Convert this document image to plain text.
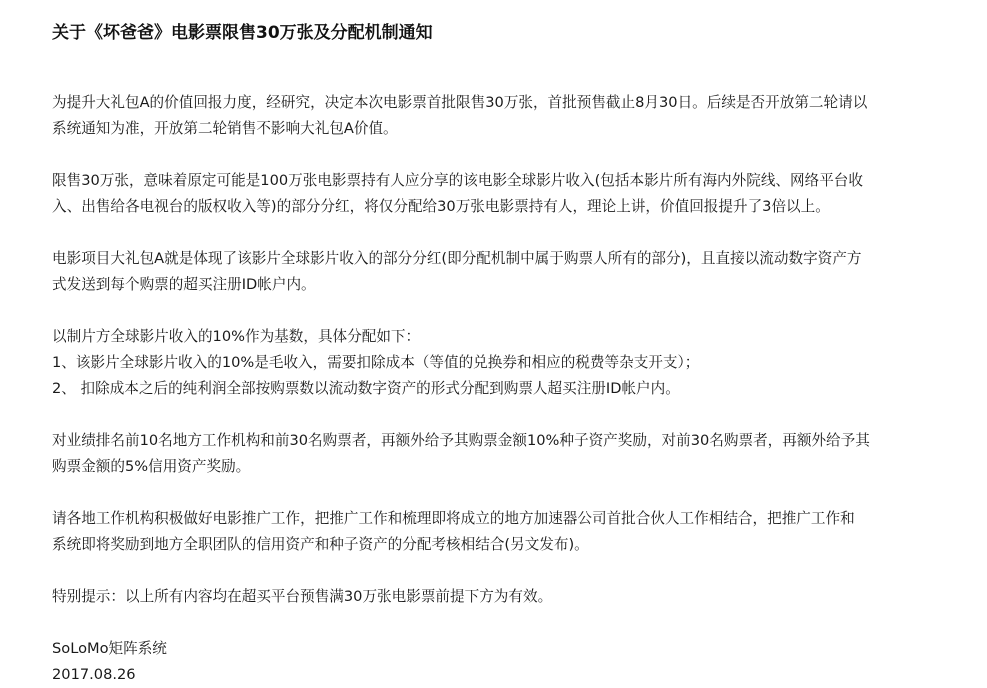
关于《坏爸爸》电影票限售30万张及分配机制通知
为提升大礼包A的价值回报力度，经研究，决定本次电影票首批限售30万张，首批预售截止8月30日。后续是否开放第二轮请以
系统通知为准，开放第二轮销售不影响大礼包A价值。
限售30万张，意味着原定可能是100万张电影票持有人应分享的该电影全球影片收入(包括本影片所有海内外院线、网络平台收
入、出售给各电视台的版权收入等)的部分分红，将仅分配给30万张电影票持有人，理论上讲，价值回报提升了3倍以上。
电影项目大礼包A就是体现了该影片全球影片收入的部分分红(即分配机制中属于购票人所有的部分)，且直接以流动数字资产方
式发送到每个购票的超买注册ID帐户内。
以制片方全球影片收入的10%作为基数，具体分配如下：
1、该影片全球影片收入的10%是毛收入，需要扣除成本（等值的兑换券和相应的税费等杂支开支）；
2、 扣除成本之后的纯利润全部按购票数以流动数字资产的形式分配到购票人超买注册ID帐户内。
对业绩排名前10名地方工作机构和前30名购票者，再额外给予其购票金额10%种子资产奖励，对前30名购票者，再额外给予其
购票金额的5%信用资产奖励。
请各地工作机构积极做好电影推广工作，把推广工作和梳理即将成立的地方加速器公司首批合伙人工作相结合，把推广工作和
系统即将奖励到地方全职团队的信用资产和种子资产的分配考核相结合(另文发布)。
特别提示：以上所有内容均在超买平台预售满30万张电影票前提下方为有效。
SoLoMo矩阵系统
2017.08.26
